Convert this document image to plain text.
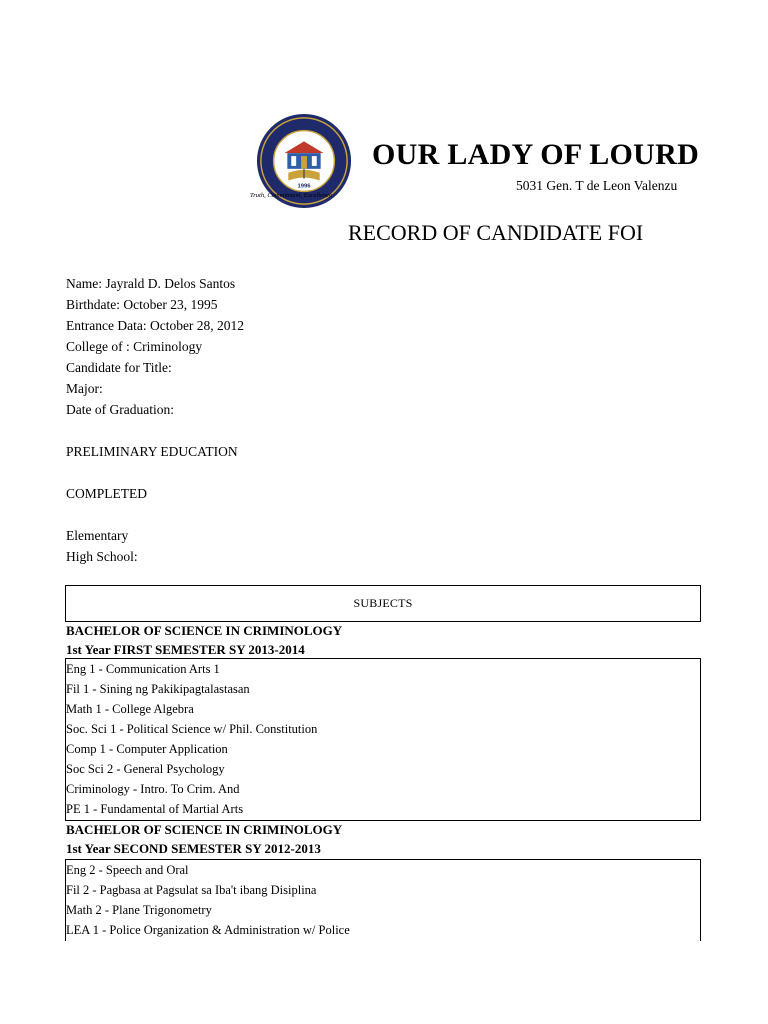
1996
Truth, Commitment, Excellence
OUR LADY OF LOURD
5031 Gen. T de Leon Valenzu
RECORD OF CANDIDATE FOI
Name: Jayrald D. Delos Santos
Birthdate: October 23, 1995
Entrance Data: October 28, 2012
College of : Criminology
Candidate for Title:
Major:
Date of Graduation:
PRELIMINARY EDUCATION
COMPLETED
Elementary
High School:
SUBJECTS
BACHELOR OF SCIENCE IN CRIMINOLOGY
1st Year FIRST SEMESTER SY 2013-2014
Eng 1 - Communication Arts 1
Fil 1 - Sining ng Pakikipagtalastasan
Math 1 - College Algebra
Soc. Sci 1 - Political Science w/ Phil. Constitution
Comp 1 - Computer Application
Soc Sci 2 - General Psychology
Criminology - Intro. To Crim. And
PE 1 - Fundamental of Martial Arts
BACHELOR OF SCIENCE IN CRIMINOLOGY
1st Year SECOND SEMESTER SY 2012-2013
Eng 2 - Speech and Oral
Fil 2 - Pagbasa at Pagsulat sa Iba't ibang Disiplina
Math 2 - Plane Trigonometry
LEA 1 - Police Organization & Administration w/ Police
